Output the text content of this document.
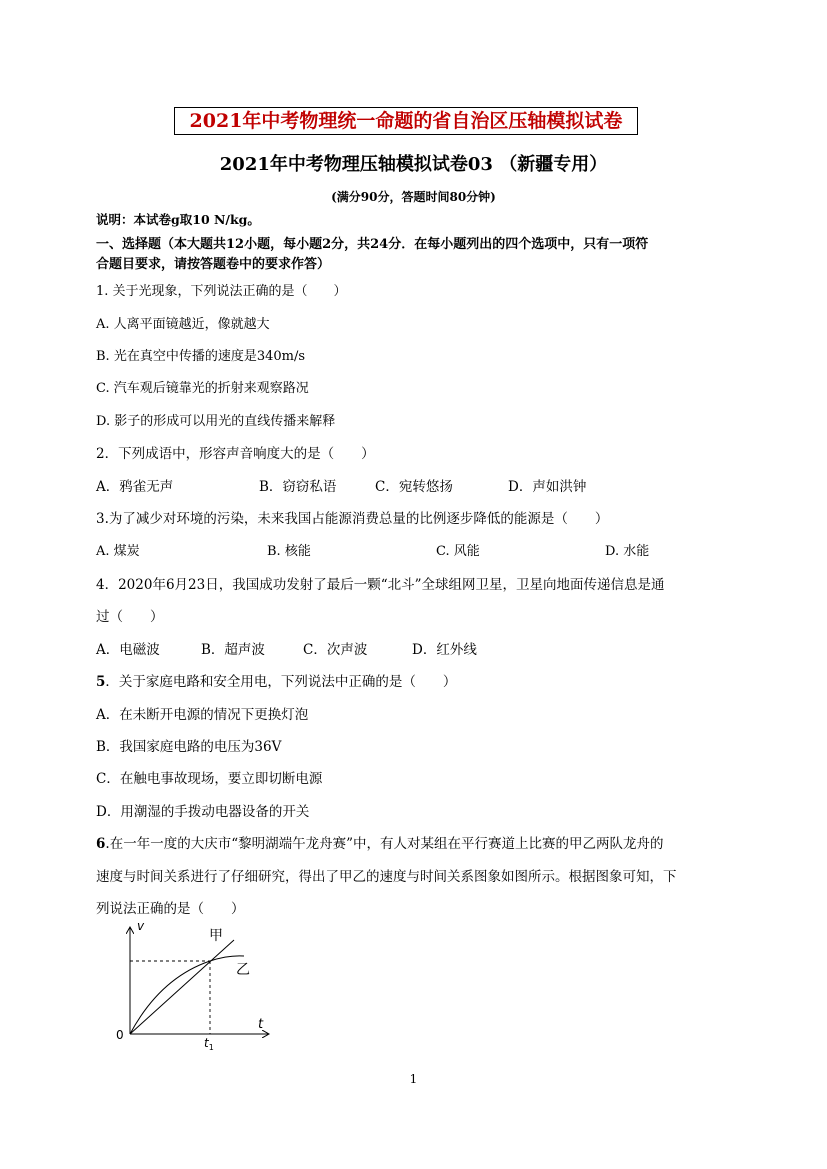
2021年中考物理统一命题的省自治区压轴模拟试卷
2021年中考物理压轴模拟试卷03 （新疆专用）
(满分90分，答题时间80分钟)
说明：本试卷g取10 N/kg。
一、选择题（本大题共12小题，每小题2分，共24分．在每小题列出的四个选项中，只有一项符
合题目要求，请按答题卷中的要求作答）
1. 关于光现象，下列说法正确的是（　　）
A. 人离平面镜越近，像就越大
B. 光在真空中传播的速度是340m/s
C. 汽车观后镜靠光的折射来观察路况
D. 影子的形成可以用光的直线传播来解释
2．下列成语中，形容声音响度大的是（　　）
A．鸦雀无声	B．窃窃私语	C．宛转悠扬	D．声如洪钟
3.为了减少对环境的污染，未来我国占能源消费总量的比例逐步降低的能源是（　　）
A. 煤炭	B. 核能	C. 风能	D. 水能
4．2020年6月23日，我国成功发射了最后一颗“北斗”全球组网卫星，卫星向地面传递信息是通
过（　　）
A．电磁波	B．超声波	C．次声波	D．红外线
5．关于家庭电路和安全用电，下列说法中正确的是（　　）
A．在未断开电源的情况下更换灯泡
B．我国家庭电路的电压为36V
C．在触电事故现场，要立即切断电源
D．用潮湿的手拨动电器设备的开关
6.在一年一度的大庆市“黎明湖端午龙舟赛”中，有人对某组在平行赛道上比赛的甲乙两队龙舟的
速度与时间关系进行了仔细研究，得出了甲乙的速度与时间关系图象如图所示。根据图象可知，下
列说法正确的是（　　）
v
t
0
甲
乙
$t_1$
1
